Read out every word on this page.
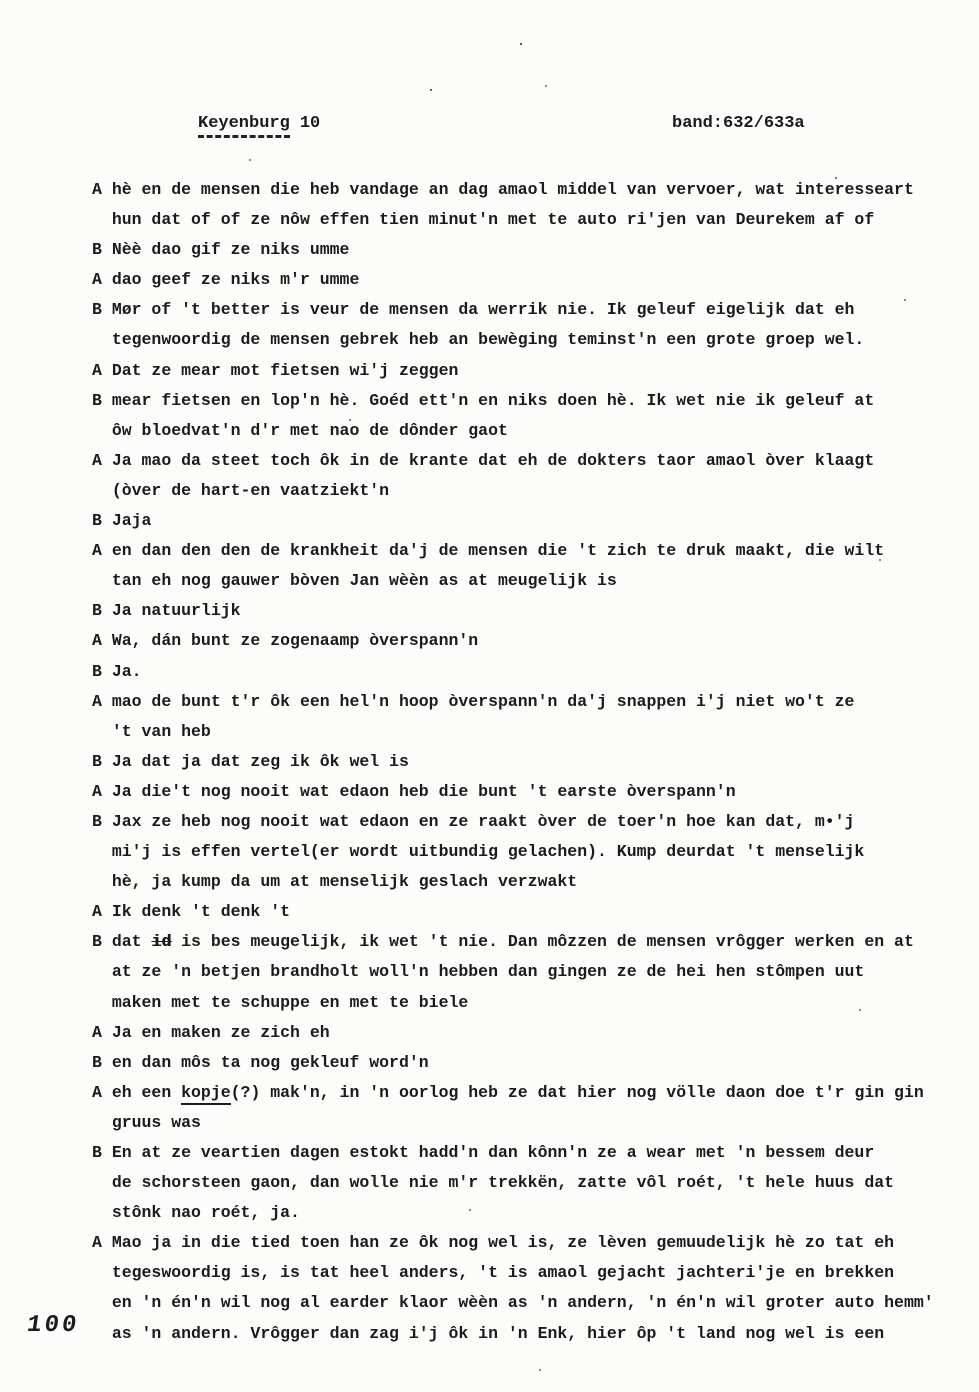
Keyenburg 10	band:632/633a
A hè en de mensen die heb vandage an dag amaol middel van vervoer, wat interesseart
hun dat of of ze nôw effen tien minut'n met te auto ri'jen van Deurekem af of
B Nèè dao gif ze niks umme
A dao geef ze niks m'r umme
B Mør of 't better is veur de mensen da werrik nie. Ik geleuf eigelijk dat eh
tegenwoordig de mensen gebrek heb an bewèging teminst'n een grote groep wel.
A Dat ze mear mot fietsen wi'j zeggen
B mear fietsen en lop'n hè. Goéd ett'n en niks doen hè. Ik wet nie ik geleuf at
ôw bloedvat'n d'r met nao de dônder gaot
A Ja mao da steet toch ôk in de krante dat eh de dokters taor amaol òver klaagt
(òver de hart-en vaatziekt'n
B Jaja
A en dan den den de krankheit da'j de mensen die 't zich te druk maakt, die wilt
tan eh nog gauwer bòven Jan wèèn as at meugelijk is
B Ja natuurlijk
A Wa, dán bunt ze zogenaamp òverspann'n
B Ja.
A mao de bunt t'r ôk een hel'n hoop òverspann'n da'j snappen i'j niet wo't ze
't van heb
B Ja dat ja dat zeg ik ôk wel is
A Ja die't nog nooit wat edaon heb die bunt 't earste òverspann'n
B Jax ze heb nog nooit wat edaon en ze raakt òver de toer'n hoe kan dat, m•'j
mi'j is effen vertel(er wordt uitbundig gelachen). Kump deurdat 't menselijk
hè, ja kump da um at menselijk geslach verzwakt
A Ik denk 't denk 't
B dat id is bes meugelijk, ik wet 't nie. Dan môzzen de mensen vrôgger werken en at
at ze 'n betjen brandholt woll'n hebben dan gingen ze de hei hen stômpen uut
maken met te schuppe en met te biele
A Ja en maken ze zich eh
B en dan môs ta nog gekleuf word'n
A eh een kopje(?) mak'n, in 'n oorlog heb ze dat hier nog völle daon doe t'r gin gin
gruus was
B En at ze veartien dagen estokt hadd'n dan kônn'n ze a wear met 'n bessem deur
de schorsteen gaon, dan wolle nie m'r trekkën, zatte vôl roét, 't hele huus dat
stônk nao roét, ja.
A Mao ja in die tied toen han ze ôk nog wel is, ze lèven gemuudelijk hè zo tat eh
tegeswoordig is, is tat heel anders, 't is amaol gejacht jachteri'je en brekken
en 'n én'n wil nog al earder klaor wèèn as 'n andern, 'n én'n wil groter auto hemm'
as 'n andern. Vrôgger dan zag i'j ôk in 'n Enk, hier ôp 't land nog wel is een
100
